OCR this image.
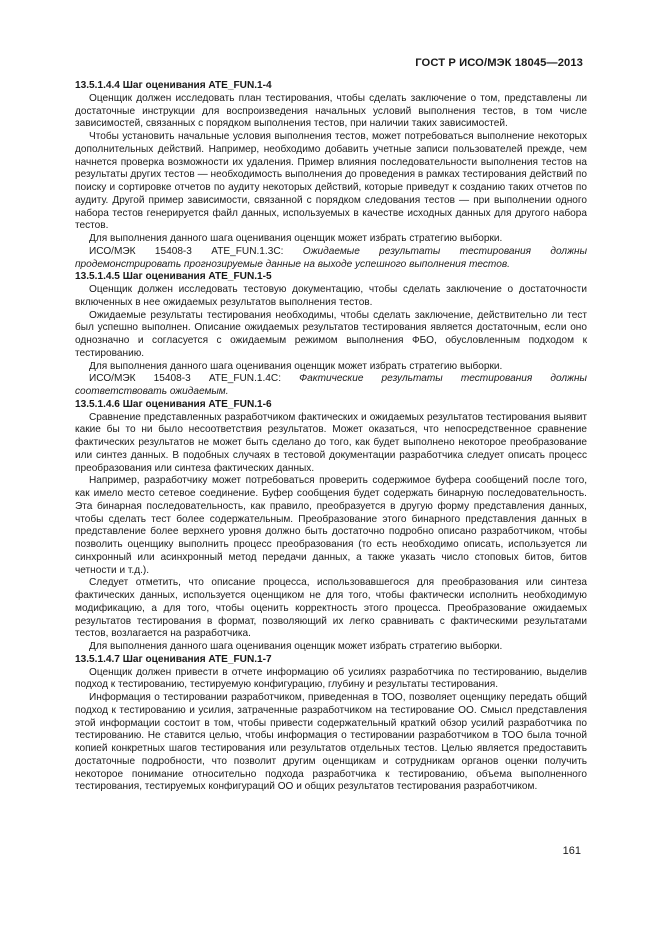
ГОСТ Р ИСО/МЭК 18045—2013

13.5.1.4.4 Шаг оценивания ATE_FUN.1-4

Оценщик должен исследовать план тестирования, чтобы сделать заключение о том, представлены ли достаточные инструкции для воспроизведения начальных условий выполнения тестов, в том числе зависимостей, связанных с порядком выполнения тестов, при наличии таких зависимостей.

Чтобы установить начальные условия выполнения тестов, может потребоваться выполнение некоторых дополнительных действий. Например, необходимо добавить учетные записи пользователей прежде, чем начнется проверка возможности их удаления. Пример влияния последовательности выполнения тестов на результаты других тестов — необходимость выполнения до проведения в рамках тестирования действий по поиску и сортировке отчетов по аудиту некоторых действий, которые приведут к созданию таких отчетов по аудиту. Другой пример зависимости, связанной с порядком следования тестов — при выполнении одного набора тестов генерируется файл данных, используемых в качестве исходных данных для другого набора тестов.

Для выполнения данного шага оценивания оценщик может избрать стратегию выборки.

ИСО/МЭК 15408-3 ATE_FUN.1.3C: Ожидаемые результаты тестирования должны продемонстрировать прогнозируемые данные на выходе успешного выполнения тестов.

13.5.1.4.5 Шаг оценивания ATE_FUN.1-5

Оценщик должен исследовать тестовую документацию, чтобы сделать заключение о достаточности включенных в нее ожидаемых результатов выполнения тестов.

Ожидаемые результаты тестирования необходимы, чтобы сделать заключение, действительно ли тест был успешно выполнен. Описание ожидаемых результатов тестирования является достаточным, если оно однозначно и согласуется с ожидаемым режимом выполнения ФБО, обусловленным подходом к тестированию.

Для выполнения данного шага оценивания оценщик может избрать стратегию выборки.

ИСО/МЭК 15408-3 ATE_FUN.1.4C: Фактические результаты тестирования должны соответствовать ожидаемым.

13.5.1.4.6 Шаг оценивания ATE_FUN.1-6

Сравнение представленных разработчиком фактических и ожидаемых результатов тестирования выявит какие бы то ни было несоответствия результатов. Может оказаться, что непосредственное сравнение фактических результатов не может быть сделано до того, как будет выполнено некоторое преобразование или синтез данных. В подобных случаях в тестовой документации разработчика следует описать процесс преобразования или синтеза фактических данных.

Например, разработчику может потребоваться проверить содержимое буфера сообщений после того, как имело место сетевое соединение. Буфер сообщения будет содержать бинарную последовательность. Эта бинарная последовательность, как правило, преобразуется в другую форму представления данных, чтобы сделать тест более содержательным. Преобразование этого бинарного представления данных в представление более верхнего уровня должно быть достаточно подробно описано разработчиком, чтобы позволить оценщику выполнить процесс преобразования (то есть необходимо описать, используется ли синхронный или асинхронный метод передачи данных, а также указать число стоповых битов, битов четности и т.д.).

Следует отметить, что описание процесса, использовавшегося для преобразования или синтеза фактических данных, используется оценщиком не для того, чтобы фактически исполнить необходимую модификацию, а для того, чтобы оценить корректность этого процесса. Преобразование ожидаемых результатов тестирования в формат, позволяющий их легко сравнивать с фактическими результатами тестов, возлагается на разработчика.

Для выполнения данного шага оценивания оценщик может избрать стратегию выборки.

13.5.1.4.7 Шаг оценивания ATE_FUN.1-7

Оценщик должен привести в отчете информацию об усилиях разработчика по тестированию, выделив подход к тестированию, тестируемую конфигурацию, глубину и результаты тестирования.

Информация о тестировании разработчиком, приведенная в ТОО, позволяет оценщику передать общий подход к тестированию и усилия, затраченные разработчиком на тестирование ОО. Смысл представления этой информации состоит в том, чтобы привести содержательный краткий обзор усилий разработчика по тестированию. Не ставится целью, чтобы информация о тестировании разработчиком в ТОО была точной копией конкретных шагов тестирования или результатов отдельных тестов. Целью является предоставить достаточные подробности, что позволит другим оценщикам и сотрудникам органов оценки получить некоторое понимание относительно подхода разработчика к тестированию, объема выполненного тестирования, тестируемых конфигураций ОО и общих результатов тестирования разработчиком.

161
